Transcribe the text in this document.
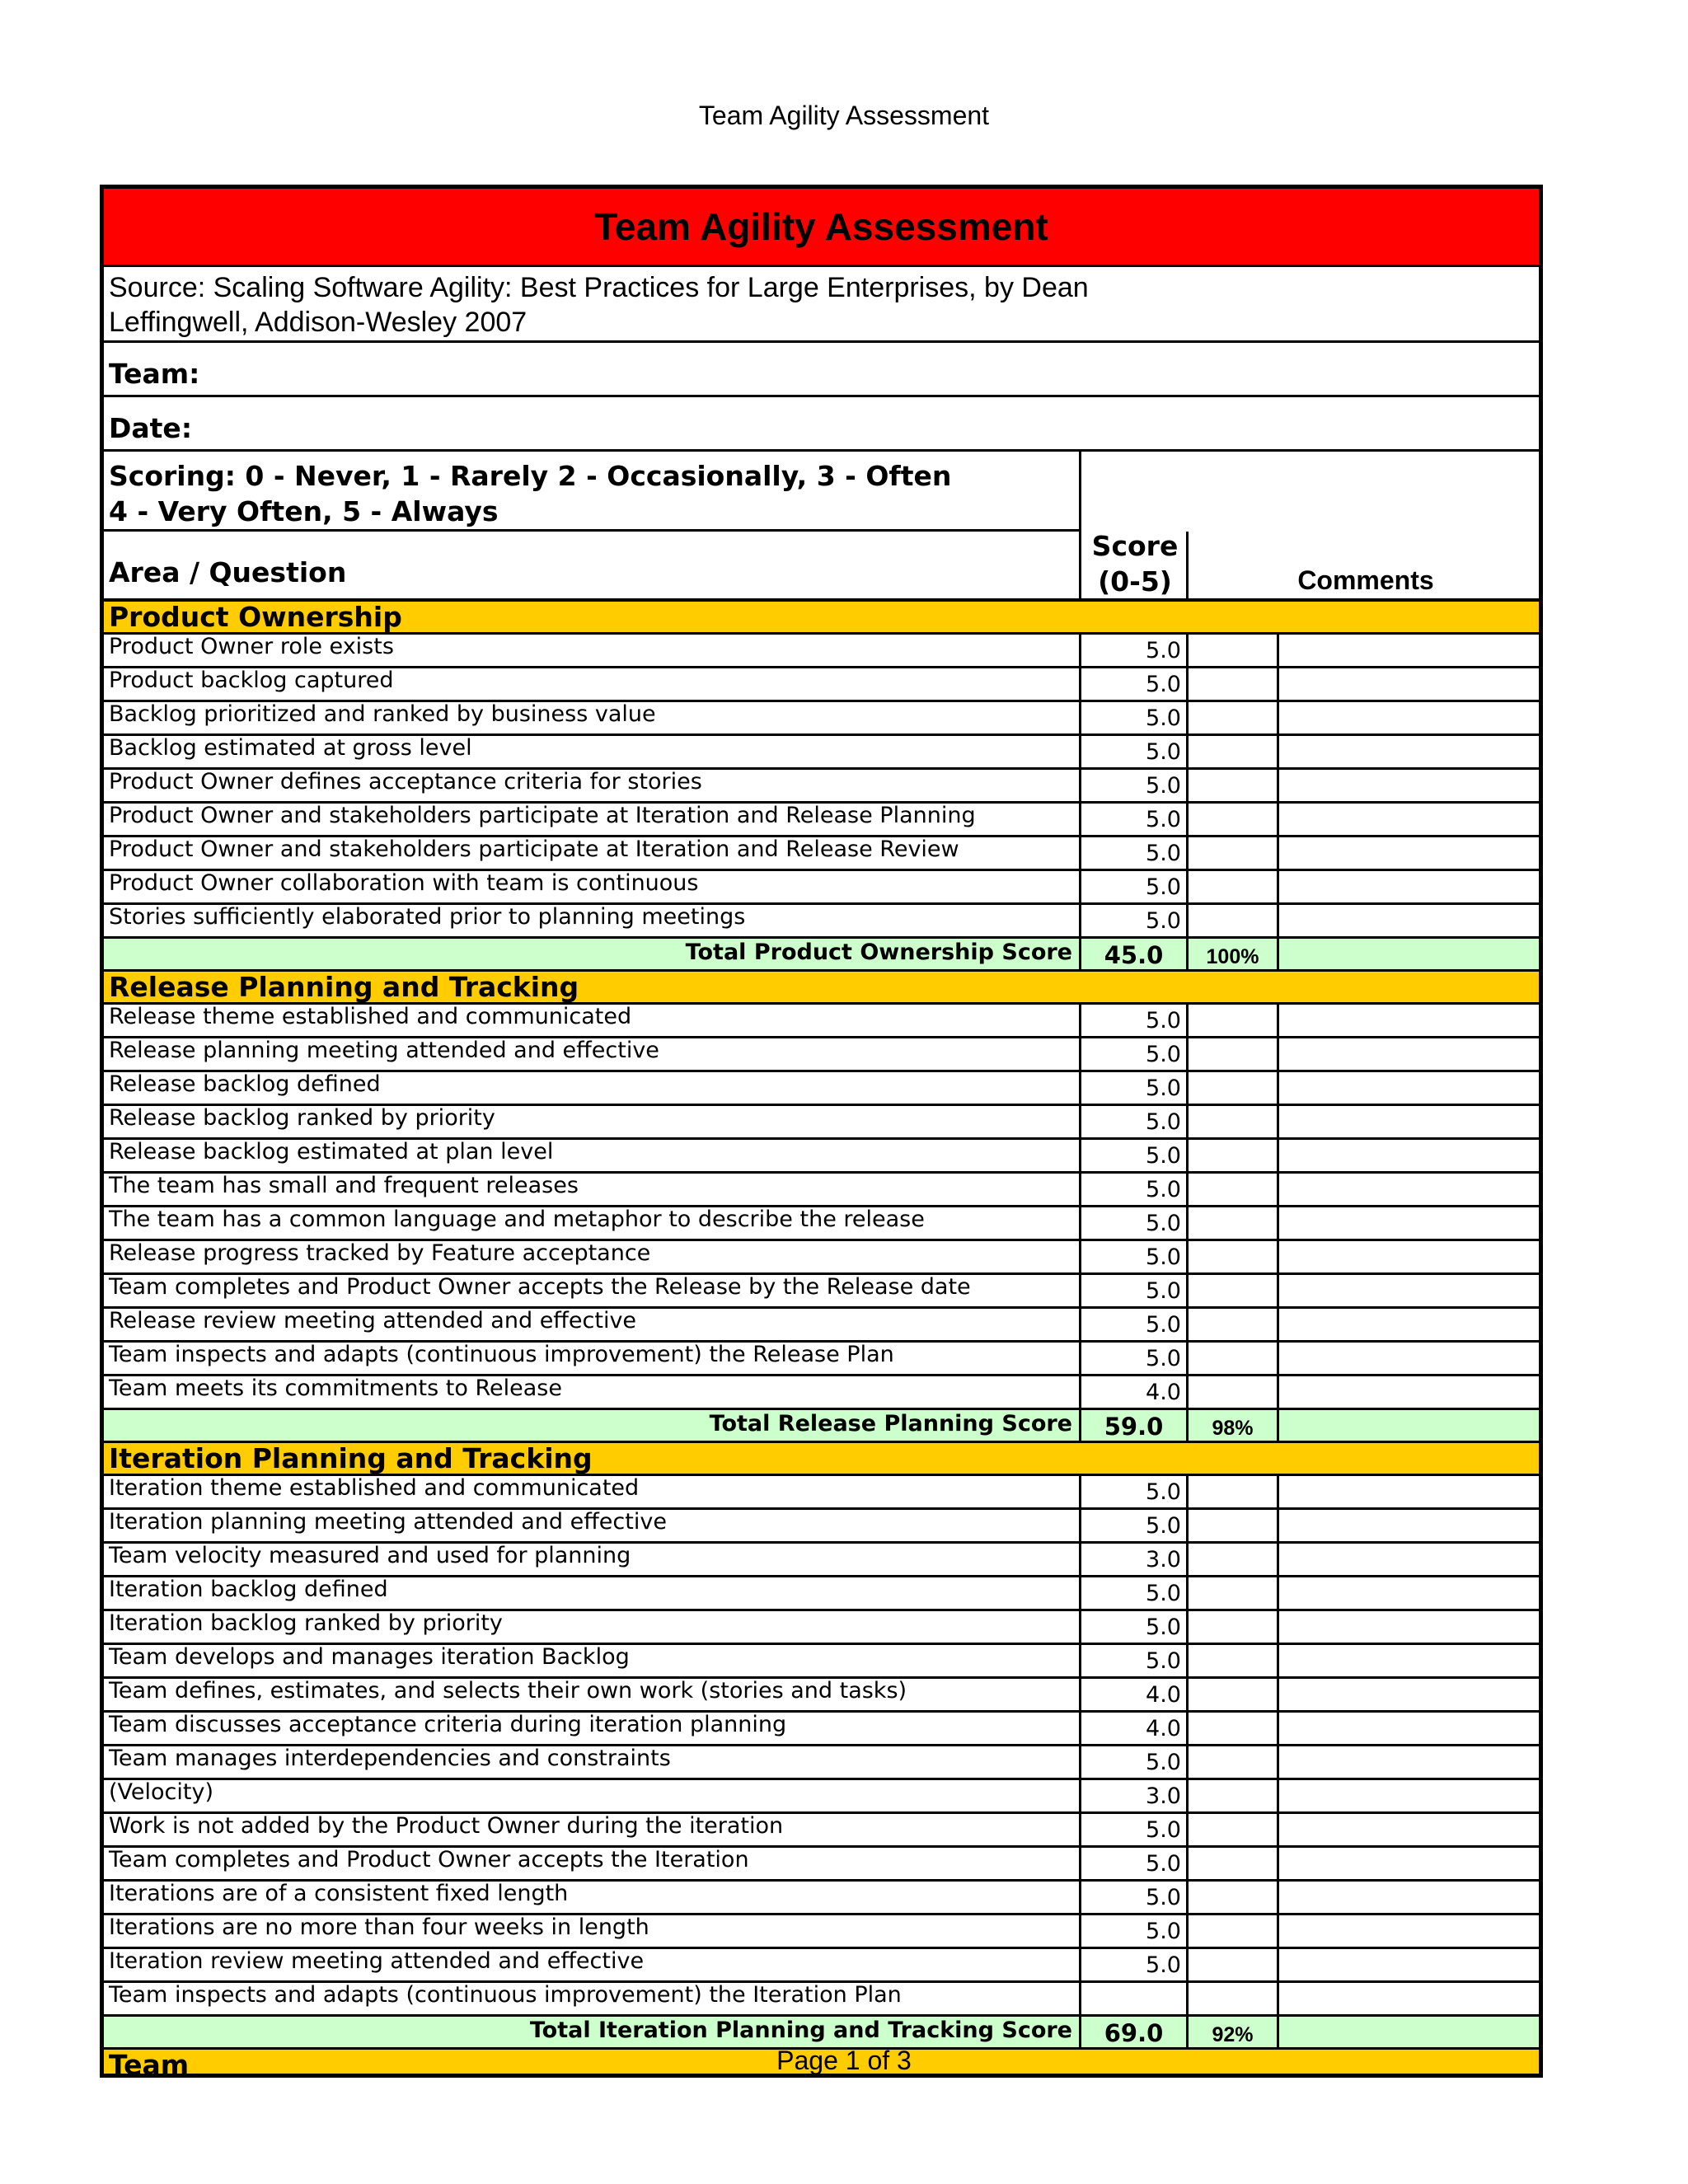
Team Agility Assessment
Team Agility Assessment
Source: Scaling Software Agility: Best Practices for Large Enterprises, by Dean
Leffingwell, Addison-Wesley 2007
Team:
Date:
Scoring: 0 - Never, 1 - Rarely 2 - Occasionally, 3 - Often
4 - Very Often, 5 - Always
Area / Question
Score
(0-5)	Comments
Product Ownership
Product Owner role exists	5.0
Product backlog captured	5.0
Backlog prioritized and ranked by business value	5.0
Backlog estimated at gross level	5.0
Product Owner defines acceptance criteria for stories	5.0
Product Owner and stakeholders participate at Iteration and Release Planning	5.0
Product Owner and stakeholders participate at Iteration and Release Review	5.0
Product Owner collaboration with team is continuous	5.0
Stories sufficiently elaborated prior to planning meetings	5.0
Total Product Ownership Score	45.0	100%
Release Planning and Tracking
Release theme established and communicated	5.0
Release planning meeting attended and effective	5.0
Release backlog defined	5.0
Release backlog ranked by priority	5.0
Release backlog estimated at plan level	5.0
The team has small and frequent releases	5.0
The team has a common language and metaphor to describe the release	5.0
Release progress tracked by Feature acceptance	5.0
Team completes and Product Owner accepts the Release by the Release date	5.0
Release review meeting attended and effective	5.0
Team inspects and adapts (continuous improvement) the Release Plan	5.0
Team meets its commitments to Release	4.0
Total Release Planning Score	59.0	98%
Iteration Planning and Tracking
Iteration theme established and communicated	5.0
Iteration planning meeting attended and effective	5.0
Team velocity measured and used for planning	3.0
Iteration backlog defined	5.0
Iteration backlog ranked by priority	5.0
Team develops and manages iteration Backlog	5.0
Team defines, estimates, and selects their own work (stories and tasks)	4.0
Team discusses acceptance criteria during iteration planning	4.0
Team manages interdependencies and constraints	5.0
(Velocity)	3.0
Work is not added by the Product Owner during the iteration	5.0
Team completes and Product Owner accepts the Iteration	5.0
Iterations are of a consistent fixed length	5.0
Iterations are no more than four weeks in length	5.0
Iteration review meeting attended and effective	5.0
Team inspects and adapts (continuous improvement) the Iteration Plan
Total Iteration Planning and Tracking Score	69.0	92%
Team	Page 1 of 3
